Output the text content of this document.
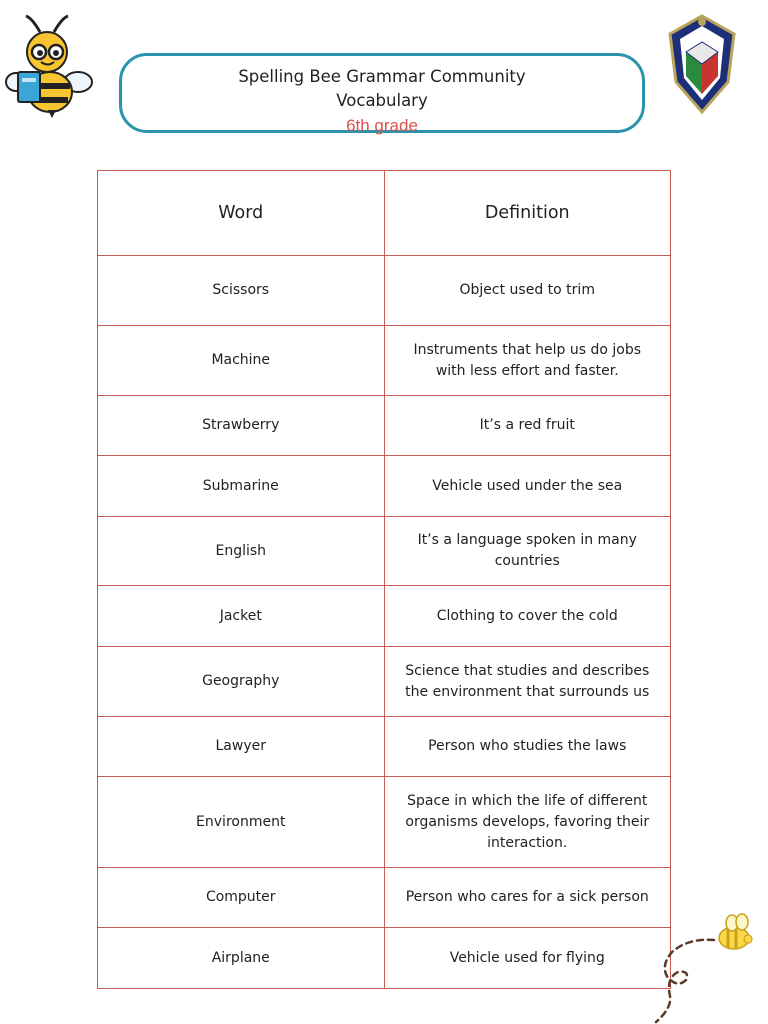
Spelling Bee Grammar Community
Vocabulary
6th grade
Word	Definition
Scissors	Object used to trim
Machine	Instruments that help us do jobs with less effort and faster.
Strawberry	It’s a red fruit
Submarine	Vehicle used under the sea
English	It’s a language spoken in many countries
Jacket	Clothing to cover the cold
Geography	Science that studies and describes the environment that surrounds us
Lawyer	Person who studies the laws
Environment	Space in which the life of different organisms develops, favoring their interaction.
Computer	Person who cares for a sick person
Airplane	Vehicle used for flying
